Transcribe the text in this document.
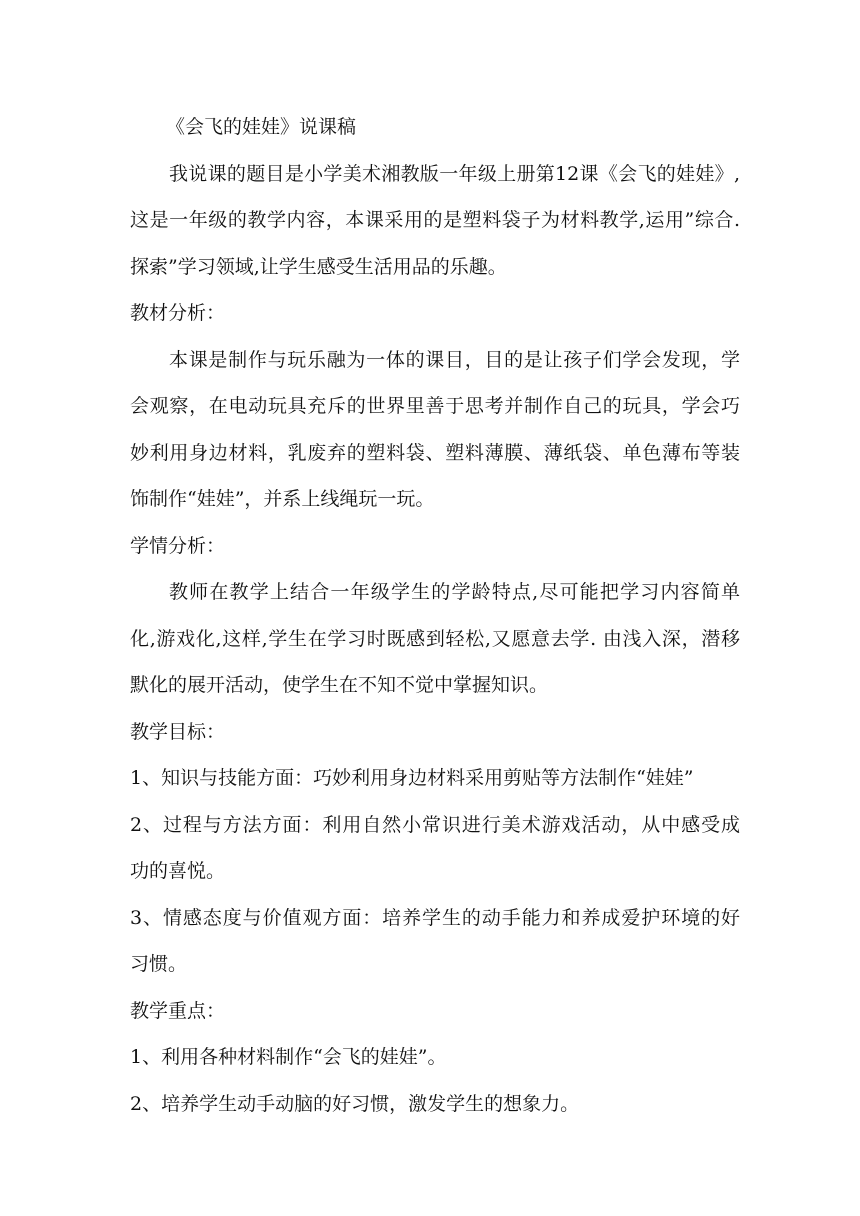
《会飞的娃娃》说课稿
我说课的题目是小学美术湘教版一年级上册第12课《会飞的娃娃》,
这是一年级的教学内容，本课采用的是塑料袋子为材料教学,运用”综合.
探索”学习领域,让学生感受生活用品的乐趣。
教材分析：
本课是制作与玩乐融为一体的课目，目的是让孩子们学会发现，学
会观察，在电动玩具充斥的世界里善于思考并制作自己的玩具，学会巧
妙利用身边材料，乳废弃的塑料袋、塑料薄膜、薄纸袋、单色薄布等装
饰制作“娃娃”，并系上线绳玩一玩。
学情分析：
教师在教学上结合一年级学生的学龄特点,尽可能把学习内容简单
化,游戏化,这样,学生在学习时既感到轻松,又愿意去学. 由浅入深，潜移
默化的展开活动，使学生在不知不觉中掌握知识。
教学目标：
1、知识与技能方面：巧妙利用身边材料采用剪贴等方法制作“娃娃”
2、过程与方法方面：利用自然小常识进行美术游戏活动，从中感受成
功的喜悦。
3、情感态度与价值观方面：培养学生的动手能力和养成爱护环境的好
习惯。
教学重点：
1、利用各种材料制作“会飞的娃娃”。
2、培养学生动手动脑的好习惯，激发学生的想象力。
